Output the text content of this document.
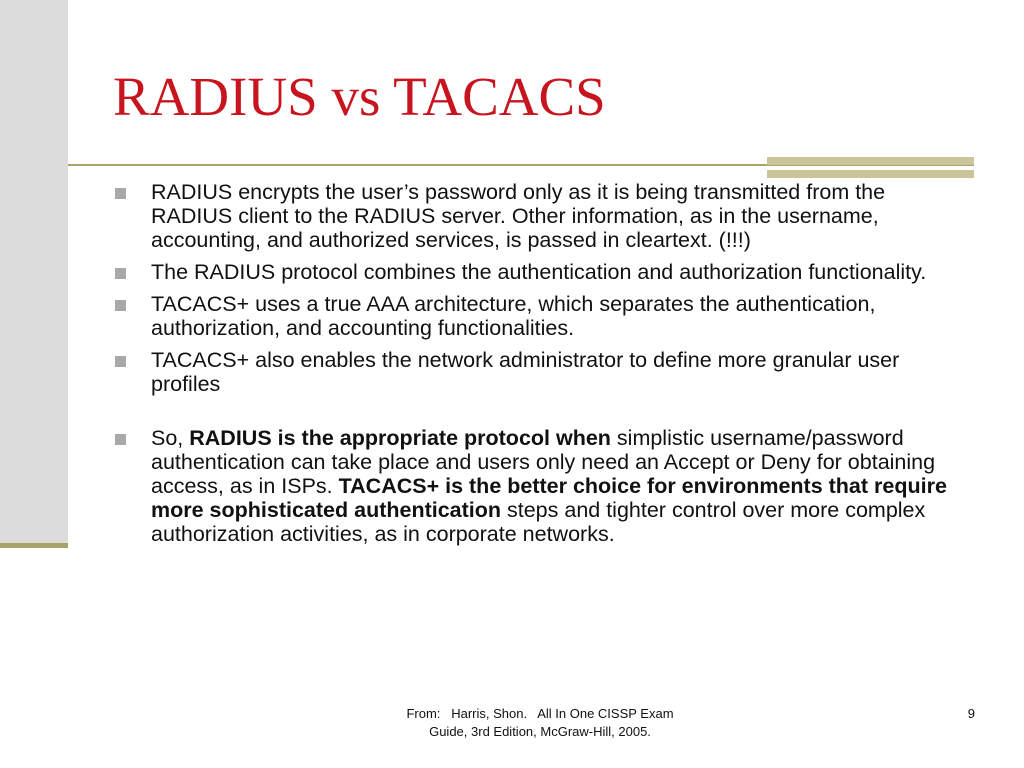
RADIUS vs TACACS
RADIUS encrypts the user’s password only as it is being transmitted from the RADIUS client to the RADIUS server. Other information, as in the username, accounting, and authorized services, is passed in cleartext. (!!!)
The RADIUS protocol combines the authentication and authorization functionality.
TACACS+ uses a true AAA architecture, which separates the authentication, authorization, and accounting functionalities.
TACACS+ also enables the network administrator to define more granular user profiles
So, RADIUS is the appropriate protocol when simplistic username/password authentication can take place and users only need an Accept or Deny for obtaining access, as in ISPs. TACACS+ is the better choice for environments that require more sophisticated authentication steps and tighter control over more complex authorization activities, as in corporate networks.
From:   Harris, Shon.   All In One CISSP Exam
Guide, 3rd Edition, McGraw-Hill, 2005.
9
